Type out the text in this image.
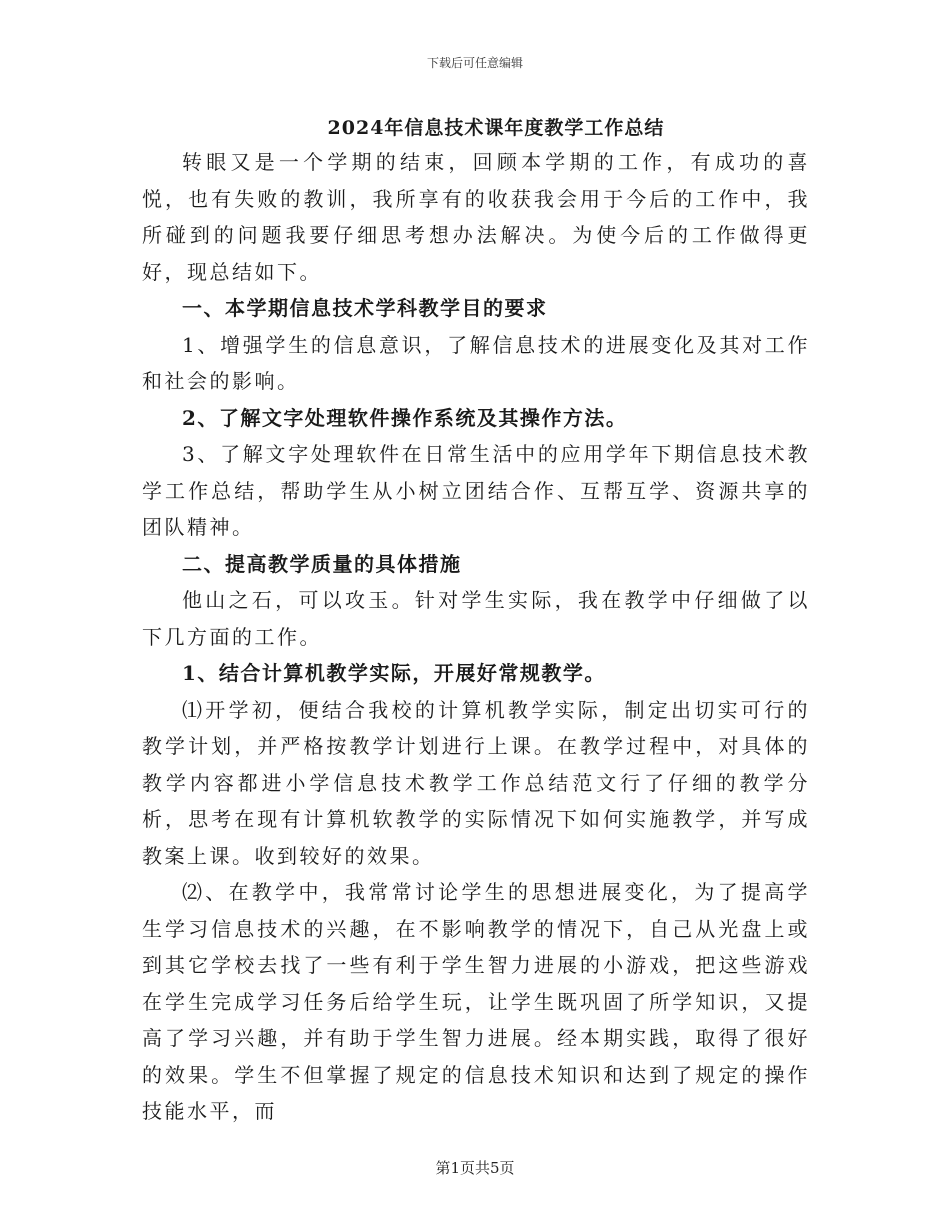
下载后可任意编辑
2024年信息技术课年度教学工作总结

转眼又是一个学期的结束，回顾本学期的工作，有成功的喜悦，也有失败的教训，我所享有的收获我会用于今后的工作中，我所碰到的问题我要仔细思考想办法解决。为使今后的工作做得更好，现总结如下。

一、本学期信息技术学科教学目的要求

1、增强学生的信息意识，了解信息技术的进展变化及其对工作和社会的影响。

2、了解文字处理软件操作系统及其操作方法。

3、了解文字处理软件在日常生活中的应用学年下期信息技术教学工作总结，帮助学生从小树立团结合作、互帮互学、资源共享的团队精神。

二、提高教学质量的具体措施

他山之石，可以攻玉。针对学生实际，我在教学中仔细做了以下几方面的工作。

1、结合计算机教学实际，开展好常规教学。

⑴开学初，便结合我校的计算机教学实际，制定出切实可行的教学计划，并严格按教学计划进行上课。在教学过程中，对具体的教学内容都进小学信息技术教学工作总结范文行了仔细的教学分析，思考在现有计算机软教学的实际情况下如何实施教学，并写成教案上课。收到较好的效果。

⑵、在教学中，我常常讨论学生的思想进展变化，为了提高学生学习信息技术的兴趣，在不影响教学的情况下，自己从光盘上或到其它学校去找了一些有利于学生智力进展的小游戏，把这些游戏在学生完成学习任务后给学生玩，让学生既巩固了所学知识，又提高了学习兴趣，并有助于学生智力进展。经本期实践，取得了很好的效果。学生不但掌握了规定的信息技术知识和达到了规定的操作技能水平，而

第1页共5页
